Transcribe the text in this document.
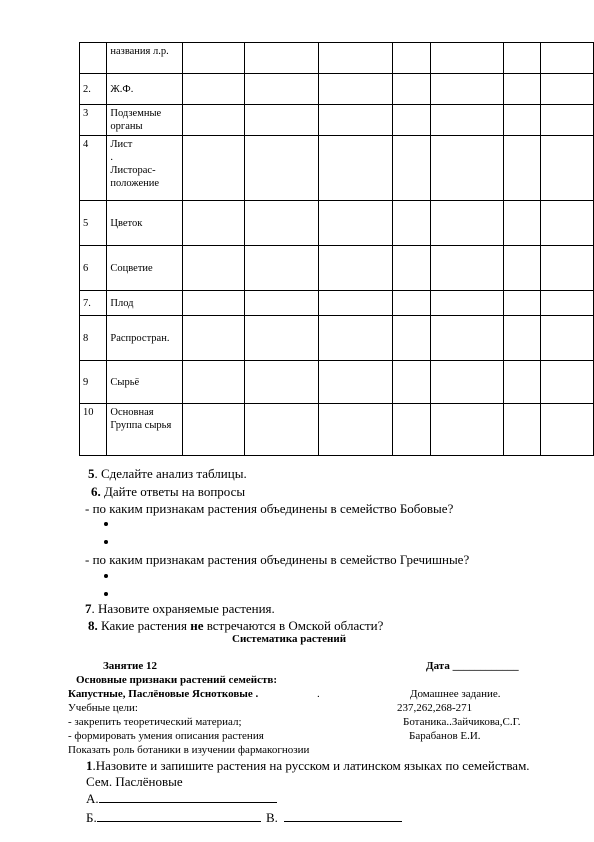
	названия л.р.							
2.	Ж.Ф.							
3	Подземные органы							
4	Лист
.
Листорас-положение							
5	Цветок							
6	Соцветие							
7.	Плод							
8	Распростран.							
9	Сырьё							
10	Основная Группа сырья							
5. Сделайте анализ таблицы.
6. Дайте ответы на вопросы
- по каким признакам растения объединены в семейство Бобовые?
- по каким признакам растения объединены в семейство Гречишные?
7. Назовите охраняемые растения.
8. Какие растения не встречаются в Омской области?
Систематика растений
Занятие 12	Дата ____________
Основные признаки растений семейств:
Капустные, Паслёновые Яснотковые .	.	Домашнее задание.
Учебные цели:	237,262,268-271
- закрепить теоретический материал;	Ботаника..Зайчикова,С.Г.
- формировать умения описания растения	Барабанов Е.И.
Показать роль ботаники в изучении фармакогнозии
1.Назовите и запишите растения на русском и латинском языках по семействам.
Сем. Паслёновые
А.
Б.	В.
